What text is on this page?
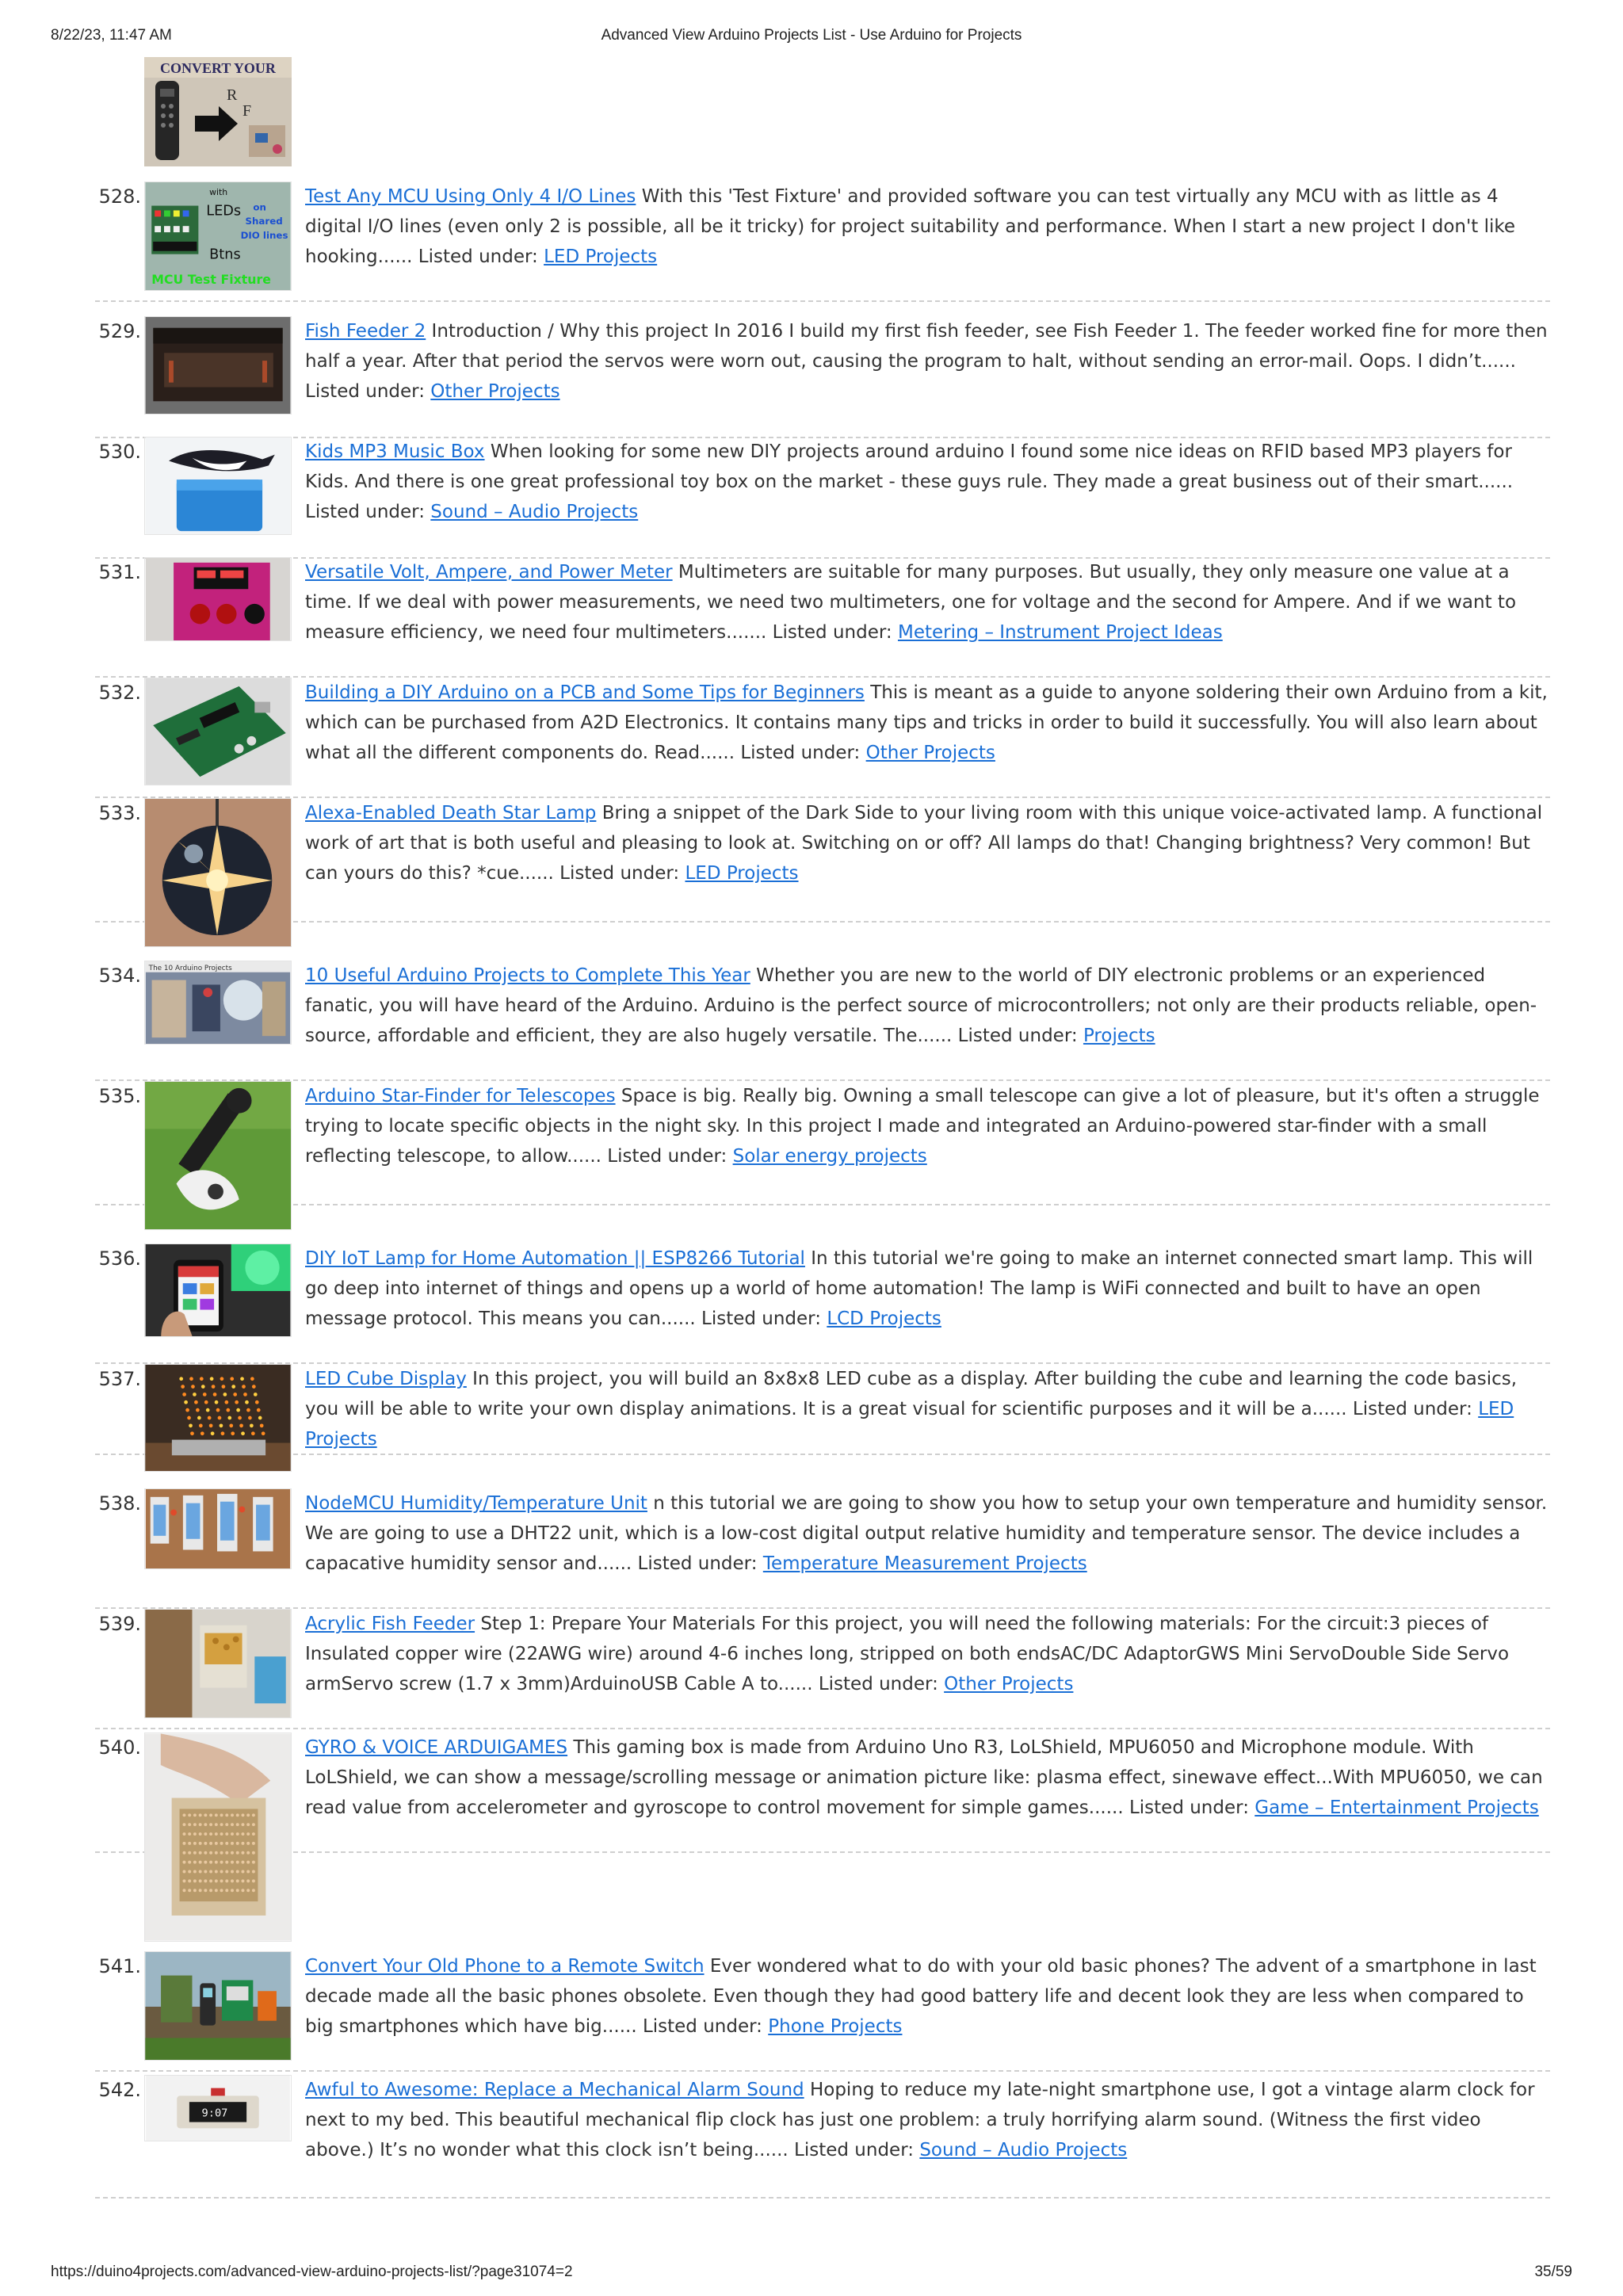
8/22/23, 11:47 AM	Advanced View Arduino Projects List - Use Arduino for Projects
CONVERT YOUR
R
F
528.	with
LEDs on
Shared
DIO lines
Btns
MCU Test Fixture
Test Any MCU Using Only 4 I/O Lines With this 'Test Fixture' and provided software you can test virtually any MCU with as little as 4 digital I/O lines (even only 2 is possible, all be it tricky) for project suitability and performance. When I start a new project I don't like hooking...... Listed under: LED Projects
529.	Fish Feeder 2 Introduction / Why this project In 2016 I build my first fish feeder, see Fish Feeder 1. The feeder worked fine for more then half a year. After that period the servos were worn out, causing the program to halt, without sending an error-mail. Oops. I didn’t...... Listed under: Other Projects
530.	Kids MP3 Music Box When looking for some new DIY projects around arduino I found some nice ideas on RFID based MP3 players for Kids. And there is one great professional toy box on the market - these guys rule. They made a great business out of their smart...... Listed under: Sound – Audio Projects
531.	Versatile Volt, Ampere, and Power Meter Multimeters are suitable for many purposes. But usually, they only measure one value at a time. If we deal with power measurements, we need two multimeters, one for voltage and the second for Ampere. And if we want to measure efficiency, we need four multimeters....... Listed under: Metering – Instrument Project Ideas
532.	Building a DIY Arduino on a PCB and Some Tips for Beginners This is meant as a guide to anyone soldering their own Arduino from a kit, which can be purchased from A2D Electronics. It contains many tips and tricks in order to build it successfully. You will also learn about what all the different components do. Read...... Listed under: Other Projects
533.	Alexa-Enabled Death Star Lamp Bring a snippet of the Dark Side to your living room with this unique voice-activated lamp. A functional work of art that is both useful and pleasing to look at. Switching on or off? All lamps do that! Changing brightness? Very common! But can yours do this? *cue...... Listed under: LED Projects
534. The 10 Arduino Projects	10 Useful Arduino Projects to Complete This Year Whether you are new to the world of DIY electronic problems or an experienced fanatic, you will have heard of the Arduino. Arduino is the perfect source of microcontrollers; not only are their products reliable, open-source, affordable and efficient, they are also hugely versatile. The...... Listed under: Projects
535.	Arduino Star-Finder for Telescopes Space is big. Really big. Owning a small telescope can give a lot of pleasure, but it's often a struggle trying to locate specific objects in the night sky. In this project I made and integrated an Arduino-powered star-finder with a small reflecting telescope, to allow...... Listed under: Solar energy projects
536.	DIY IoT Lamp for Home Automation || ESP8266 Tutorial In this tutorial we're going to make an internet connected smart lamp. This will go deep into internet of things and opens up a world of home automation! The lamp is WiFi connected and built to have an open message protocol. This means you can...... Listed under: LCD Projects
537.	LED Cube Display In this project, you will build an 8x8x8 LED cube as a display. After building the cube and learning the code basics, you will be able to write your own display animations. It is a great visual for scientific purposes and it will be a...... Listed under: LED Projects
538.	NodeMCU Humidity/Temperature Unit n this tutorial we are going to show you how to setup your own temperature and humidity sensor. We are going to use a DHT22 unit, which is a low-cost digital output relative humidity and temperature sensor. The device includes a capacative humidity sensor and...... Listed under: Temperature Measurement Projects
539.	Acrylic Fish Feeder Step 1: Prepare Your Materials For this project, you will need the following materials: For the circuit:3 pieces of Insulated copper wire (22AWG wire) around 4-6 inches long, stripped on both endsAC/DC AdaptorGWS Mini ServoDouble Side Servo armServo screw (1.7 x 3mm)ArduinoUSB Cable A to...... Listed under: Other Projects
540.	GYRO & VOICE ARDUIGAMES This gaming box is made from Arduino Uno R3, LoLShield, MPU6050 and Microphone module. With LoLShield, we can show a message/scrolling message or animation picture like: plasma effect, sinewave effect...With MPU6050, we can read value from accelerometer and gyroscope to control movement for simple games...... Listed under: Game – Entertainment Projects
541.	Convert Your Old Phone to a Remote Switch Ever wondered what to do with your old basic phones? The advent of a smartphone in last decade made all the basic phones obsolete. Even though they had good battery life and decent look they are less when compared to big smartphones which have big...... Listed under: Phone Projects
542.
9:07
Awful to Awesome: Replace a Mechanical Alarm Sound Hoping to reduce my late-night smartphone use, I got a vintage alarm clock for next to my bed. This beautiful mechanical flip clock has just one problem: a truly horrifying alarm sound. (Witness the first video above.) It’s no wonder what this clock isn’t being...... Listed under: Sound – Audio Projects
https://duino4projects.com/advanced-view-arduino-projects-list/?page31074=2	35/59
